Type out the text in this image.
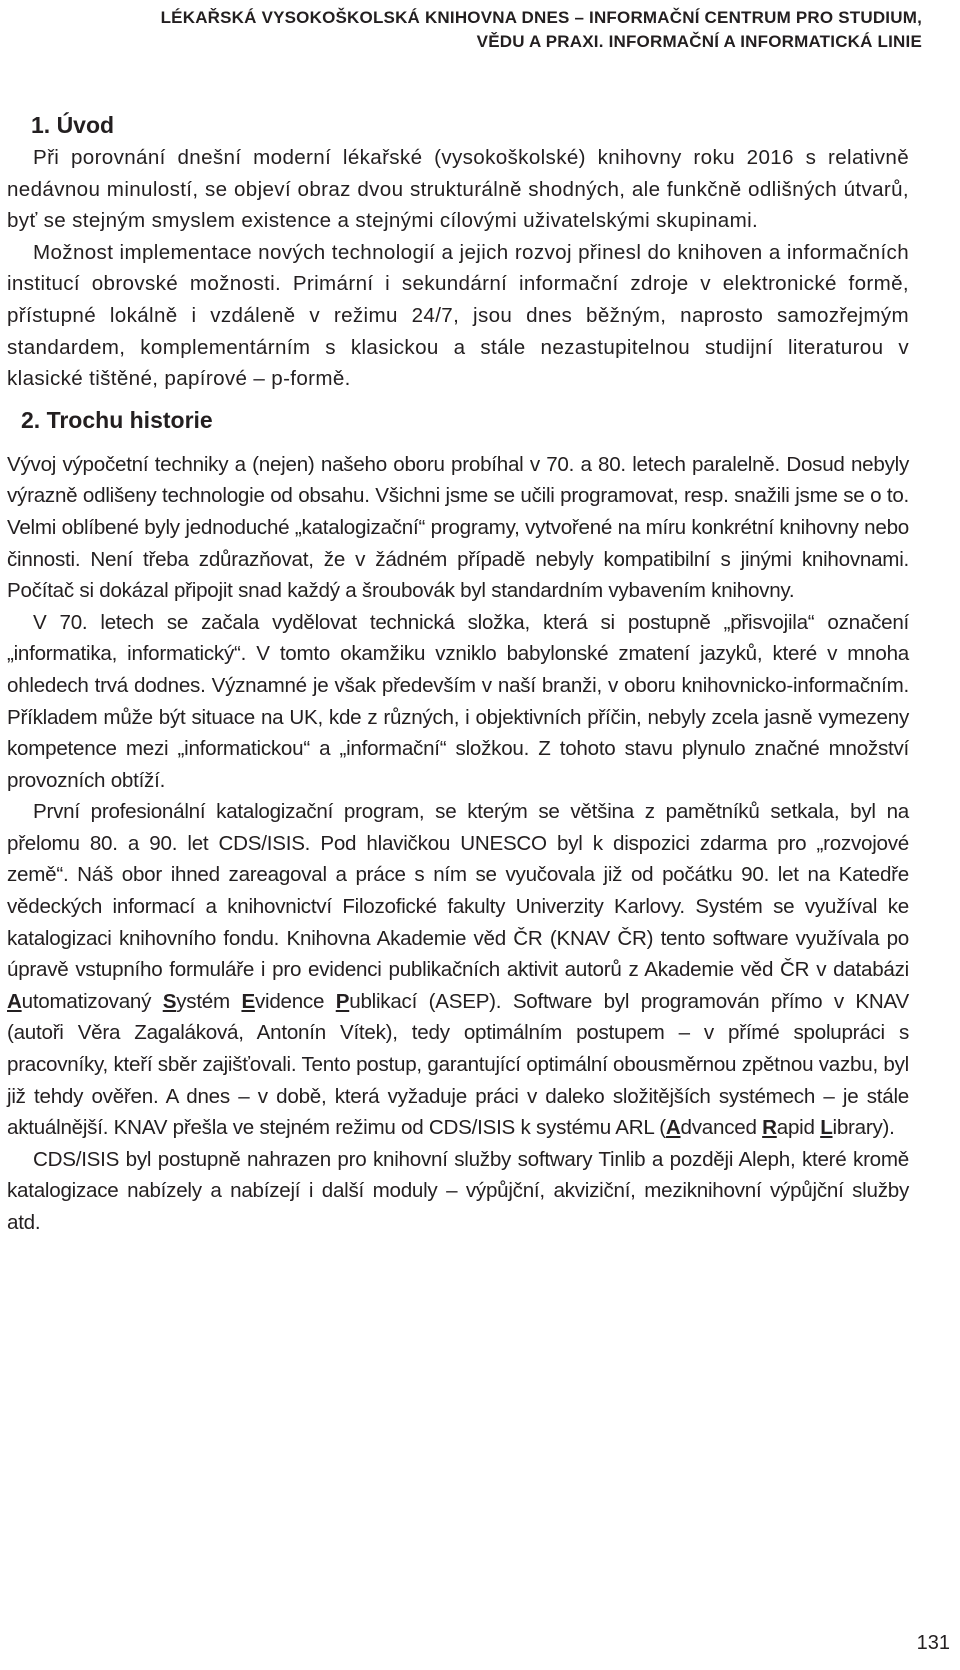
LÉKAŘSKÁ VYSOKOŠKOLSKÁ KNIHOVNA DNES – INFORMAČNÍ CENTRUM PRO STUDIUM,
VĚDU A PRAXI. INFORMAČNÍ A INFORMATICKÁ LINIE
1. Úvod

Při porovnání dnešní moderní lékařské (vysokoškolské) knihovny roku 2016 s relativně nedávnou minulostí, se objeví obraz dvou strukturálně shodných, ale funkčně odlišných útvarů, byť se stejným smyslem existence a stejnými cílovými uživatelskými skupinami.

Možnost implementace nových technologií a jejich rozvoj přinesl do knihoven a informačních institucí obrovské možnosti. Primární i sekundární informační zdroje v elektronické formě, přístupné lokálně i vzdáleně v režimu 24/7, jsou dnes běžným, naprosto samozřejmým standardem, komplementárním s klasickou a stále nezastupitelnou studijní literaturou v klasické tištěné, papírové – p-formě.

2. Trochu historie

Vývoj výpočetní techniky a (nejen) našeho oboru probíhal v 70. a 80. letech paralelně. Dosud nebyly výrazně odlišeny technologie od obsahu. Všichni jsme se učili programovat, resp. snažili jsme se o to. Velmi oblíbené byly jednoduché „katalogizační“ programy, vytvořené na míru konkrétní knihovny nebo činnosti. Není třeba zdůrazňovat, že v žádném případě nebyly kompatibilní s jinými knihovnami. Počítač si dokázal připojit snad každý a šroubovák byl standardním vybavením knihovny.

V 70. letech se začala vydělovat technická složka, která si postupně „přisvojila“ označení „informatika, informatický“. V tomto okamžiku vzniklo babylonské zmatení jazyků, které v mnoha ohledech trvá dodnes. Významné je však především v naší branži, v oboru knihovnicko-informačním. Příkladem může být situace na UK, kde z různých, i objektivních příčin, nebyly zcela jasně vymezeny kompetence mezi „informatickou“ a „informační“ složkou. Z tohoto stavu plynulo značné množství provozních obtíží.

První profesionální katalogizační program, se kterým se většina z pamětníků setkala, byl na přelomu 80. a 90. let CDS/ISIS. Pod hlavičkou UNESCO byl k dispozici zdarma pro „rozvojové země“. Náš obor ihned zareagoval a práce s ním se vyučovala již od počátku 90. let na Katedře vědeckých informací a knihovnictví Filozofické fakulty Univerzity Karlovy. Systém se využíval ke katalogizaci knihovního fondu. Knihovna Akademie věd ČR (KNAV ČR) tento software využívala po úpravě vstupního formuláře i pro evidenci publikačních aktivit autorů z Akademie věd ČR v databázi Automatizovaný Systém Evidence Publikací (ASEP). Software byl programován přímo v KNAV (autoři Věra Zagaláková, Antonín Vítek), tedy optimálním postupem – v přímé spolupráci s pracovníky, kteří sběr zajišťovali. Tento postup, garantující optimální obousměrnou zpětnou vazbu, byl již tehdy ověřen. A dnes – v době, která vyžaduje práci v daleko složitějších systémech – je stále aktuálnější. KNAV přešla ve stejném režimu od CDS/ISIS k systému ARL (Advanced Rapid Library).

CDS/ISIS byl postupně nahrazen pro knihovní služby softwary Tinlib a později Aleph, které kromě katalogizace nabízely a nabízejí i další moduly – výpůjční, akviziční, meziknihovní výpůjční služby atd.

131
